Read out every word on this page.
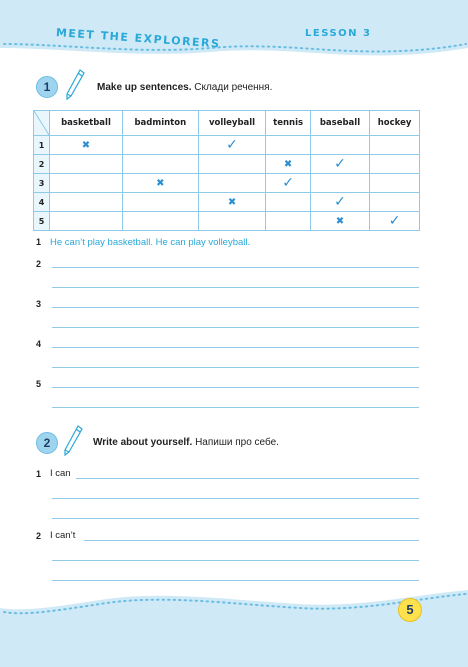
MEET THE EXPLORERS	LESSON 3
1	Make up sentences. Склади речення.
	basketball	badminton	volleyball	tennis	baseball	hockey
1	✖		✓			
2				✖	✓	
3		✖		✓		
4			✖		✓	
5					✖	✓
1 He can’t play basketball. He can play volleyball.
2
3
4
5
2	Write about yourself. Напиши про себе.
1 I can
2 I can’t
5
